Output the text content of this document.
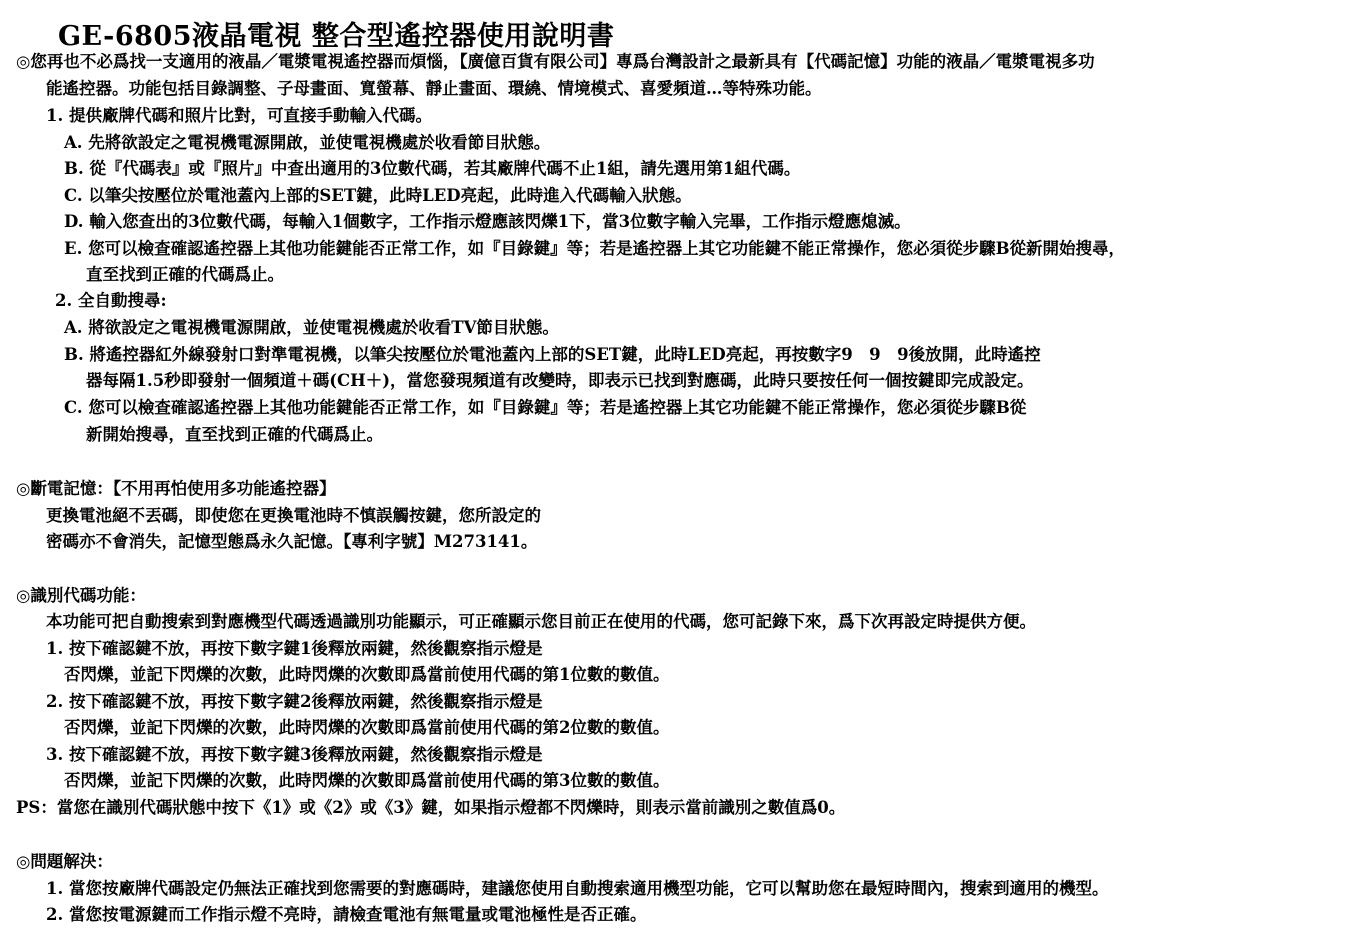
GE-6805液晶電視 整合型遙控器使用說明書
◎您再也不必爲找一支適用的液晶／電漿電視遙控器而煩惱，【廣億百貨有限公司】專爲台灣設計之最新具有【代碼記憶】功能的液晶／電漿電視多功
能遙控器。功能包括目錄調整、子母畫面、寬螢幕、靜止畫面、環繞、情境模式、喜愛頻道…等特殊功能。
1. 提供廠牌代碼和照片比對，可直接手動輸入代碼。
A. 先將欲設定之電視機電源開啟，並使電視機處於收看節目狀態。
B. 從『代碼表』或『照片』中查出適用的3位數代碼，若其廠牌代碼不止1組，請先選用第1組代碼。
C. 以筆尖按壓位於電池蓋內上部的SET鍵，此時LED亮起，此時進入代碼輸入狀態。
D. 輸入您查出的3位數代碼，每輸入1個數字，工作指示燈應該閃爍1下，當3位數字輸入完畢，工作指示燈應熄滅。
E. 您可以檢查確認遙控器上其他功能鍵能否正常工作，如『目錄鍵』等；若是遙控器上其它功能鍵不能正常操作，您必須從步驟B從新開始搜尋，
直至找到正確的代碼爲止。
2. 全自動搜尋:
A. 將欲設定之電視機電源開啟，並使電視機處於收看TV節目狀態。
B. 將遙控器紅外線發射口對準電視機，以筆尖按壓位於電池蓋內上部的SET鍵，此時LED亮起，再按數字9　9　9後放開，此時遙控
器每隔1.5秒即發射一個頻道＋碼(CH＋)，當您發現頻道有改變時，即表示已找到對應碼，此時只要按任何一個按鍵即完成設定。
C. 您可以檢查確認遙控器上其他功能鍵能否正常工作，如『目錄鍵』等；若是遙控器上其它功能鍵不能正常操作，您必須從步驟B從
新開始搜尋，直至找到正確的代碼爲止。
◎斷電記憶：【不用再怕使用多功能遙控器】
更換電池絕不丟碼，即使您在更換電池時不慎誤觸按鍵，您所設定的
密碼亦不會消失，記憶型態爲永久記憶。【專利字號】M273141。
◎識別代碼功能：
本功能可把自動搜索到對應機型代碼透過識別功能顯示，可正確顯示您目前正在使用的代碼，您可記錄下來，爲下次再設定時提供方便。
1. 按下確認鍵不放，再按下數字鍵1後釋放兩鍵，然後觀察指示燈是
否閃爍，並記下閃爍的次數，此時閃爍的次數即爲當前使用代碼的第1位數的數值。
2. 按下確認鍵不放，再按下數字鍵2後釋放兩鍵，然後觀察指示燈是
否閃爍，並記下閃爍的次數，此時閃爍的次數即爲當前使用代碼的第2位數的數值。
3. 按下確認鍵不放，再按下數字鍵3後釋放兩鍵，然後觀察指示燈是
否閃爍，並記下閃爍的次數，此時閃爍的次數即爲當前使用代碼的第3位數的數值。
PS：當您在識別代碼狀態中按下《1》或《2》或《3》鍵，如果指示燈都不閃爍時，則表示當前識別之數值爲0。
◎問題解決：
1. 當您按廠牌代碼設定仍無法正確找到您需要的對應碼時，建議您使用自動搜索適用機型功能，它可以幫助您在最短時間內，搜索到適用的機型。
2. 當您按電源鍵而工作指示燈不亮時，請檢查電池有無電量或電池極性是否正確。
